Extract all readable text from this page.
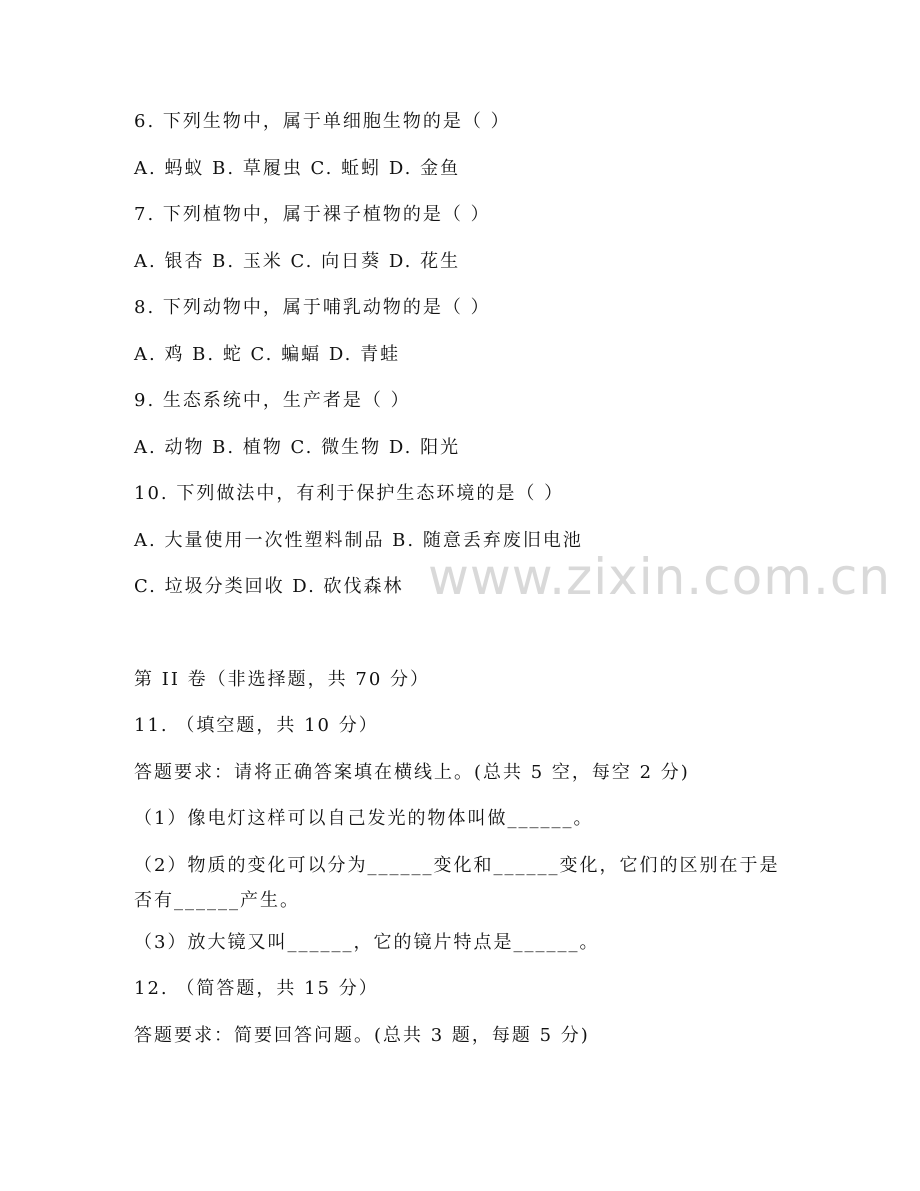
www.zixin.com.cn
6. 下列生物中，属于单细胞生物的是（ ）
A. 蚂蚁 B. 草履虫 C. 蚯蚓 D. 金鱼
7. 下列植物中，属于裸子植物的是（ ）
A. 银杏 B. 玉米 C. 向日葵 D. 花生
8. 下列动物中，属于哺乳动物的是（ ）
A. 鸡 B. 蛇 C. 蝙蝠 D. 青蛙
9. 生态系统中，生产者是（ ）
A. 动物 B. 植物 C. 微生物 D. 阳光
10. 下列做法中，有利于保护生态环境的是（ ）
A. 大量使用一次性塑料制品 B. 随意丢弃废旧电池
C. 垃圾分类回收 D. 砍伐森林
第 II 卷（非选择题，共 70 分）
11. （填空题，共 10 分）
答题要求：请将正确答案填在横线上。(总共 5 空，每空 2 分)
（1）像电灯这样可以自己发光的物体叫做______。
（2）物质的变化可以分为______变化和______变化，它们的区别在于是否有______产生。
（3）放大镜又叫______，它的镜片特点是______。
12. （简答题，共 15 分）
答题要求：简要回答问题。(总共 3 题，每题 5 分)
